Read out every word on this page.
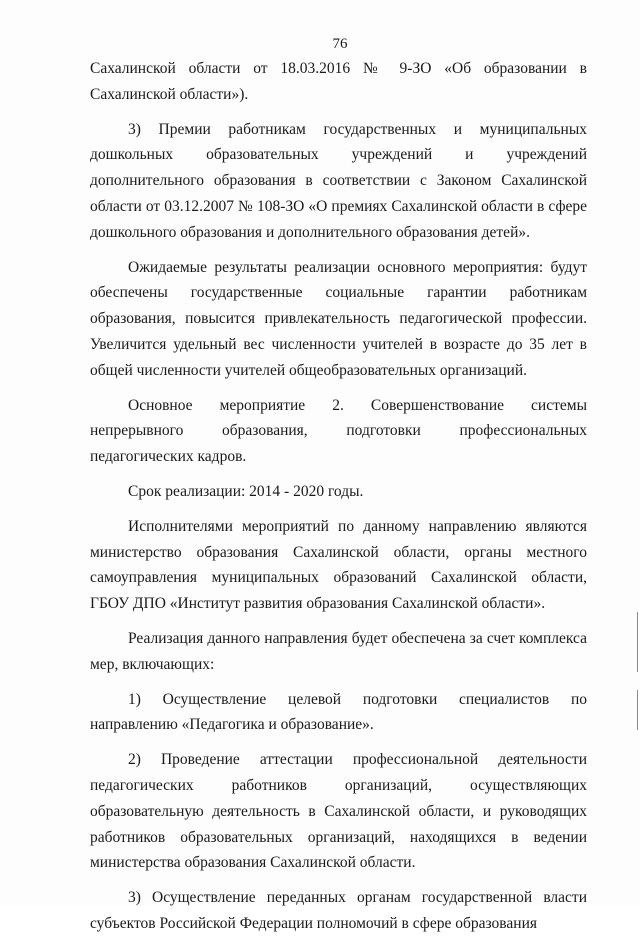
76

Сахалинской области от 18.03.2016 № 9-ЗО «Об образовании в Сахалинской области»).

3) Премии работникам государственных и муниципальных дошкольных образовательных учреждений и учреждений дополнительного образования в соответствии с Законом Сахалинской области от 03.12.2007 № 108-ЗО «О премиях Сахалинской области в сфере дошкольного образования и дополнительного образования детей».

Ожидаемые результаты реализации основного мероприятия: будут обеспечены государственные социальные гарантии работникам образования, повысится привлекательность педагогической профессии. Увеличится удельный вес численности учителей в возрасте до 35 лет в общей численности учителей общеобразовательных организаций.

Основное мероприятие 2. Совершенствование системы непрерывного образования, подготовки профессиональных педагогических кадров.

Срок реализации: 2014 - 2020 годы.

Исполнителями мероприятий по данному направлению являются министерство образования Сахалинской области, органы местного самоуправления муниципальных образований Сахалинской области, ГБОУ ДПО «Институт развития образования Сахалинской области».

Реализация данного направления будет обеспечена за счет комплекса мер, включающих:

1) Осуществление целевой подготовки специалистов по направлению «Педагогика и образование».

2) Проведение аттестации профессиональной деятельности педагогических работников организаций, осуществляющих образовательную деятельность в Сахалинской области, и руководящих работников образовательных организаций, находящихся в ведении министерства образования Сахалинской области.

3) Осуществление переданных органам государственной власти субъектов Российской Федерации полномочий в сфере образования
